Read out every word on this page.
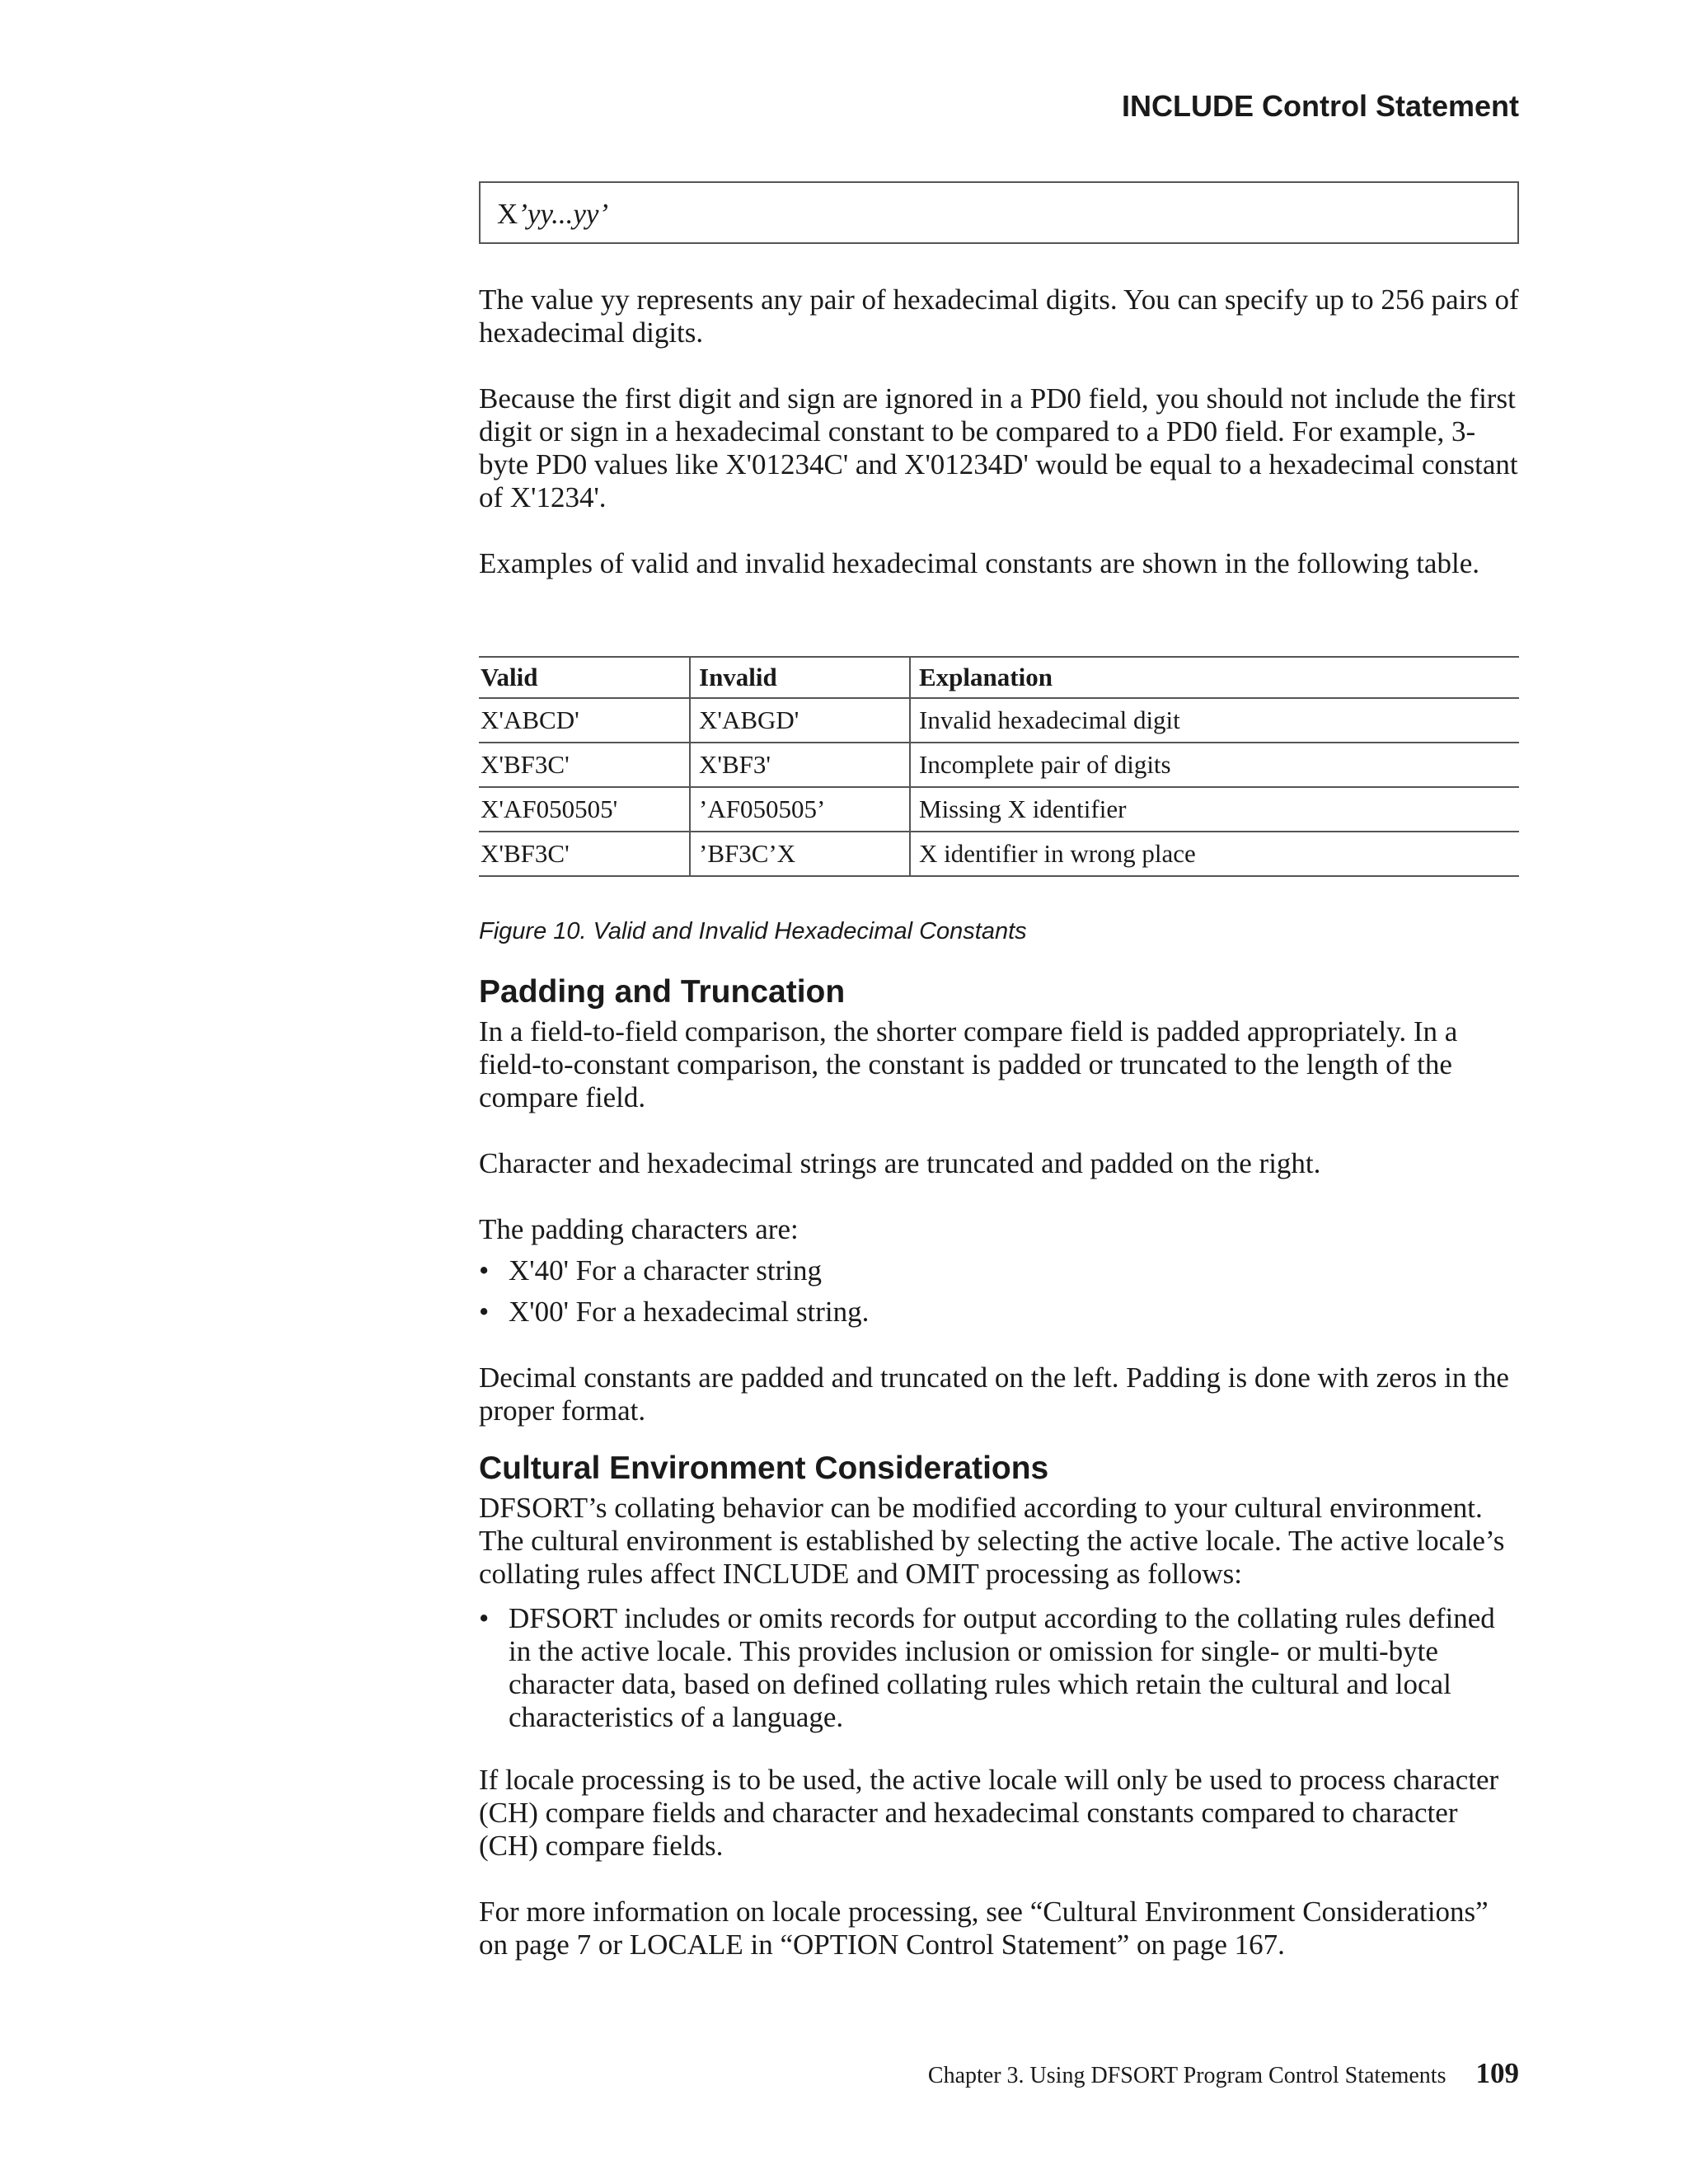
INCLUDE Control Statement
X’yy...yy’

The value yy represents any pair of hexadecimal digits. You can specify up to 256 pairs of hexadecimal digits.

Because the first digit and sign are ignored in a PD0 field, you should not include the first digit or sign in a hexadecimal constant to be compared to a PD0 field. For example, 3-byte PD0 values like X'01234C' and X'01234D' would be equal to a hexadecimal constant of X'1234'.

Examples of valid and invalid hexadecimal constants are shown in the following table.

Valid	Invalid	Explanation
X'ABCD'	X'ABGD'	Invalid hexadecimal digit
X'BF3C'	X'BF3'	Incomplete pair of digits
X'AF050505'	’AF050505’	Missing X identifier
X'BF3C'	’BF3C’X	X identifier in wrong place
Figure 10. Valid and Invalid Hexadecimal Constants
Padding and Truncation

In a field-to-field comparison, the shorter compare field is padded appropriately. In a field-to-constant comparison, the constant is padded or truncated to the length of the compare field.

Character and hexadecimal strings are truncated and padded on the right.

The padding characters are:

• X'40' For a character string
• X'00' For a hexadecimal string.

Decimal constants are padded and truncated on the left. Padding is done with zeros in the proper format.

Cultural Environment Considerations

DFSORT’s collating behavior can be modified according to your cultural environment. The cultural environment is established by selecting the active locale. The active locale’s collating rules affect INCLUDE and OMIT processing as follows:

• DFSORT includes or omits records for output according to the collating rules defined in the active locale. This provides inclusion or omission for single- or multi-byte character data, based on defined collating rules which retain the cultural and local characteristics of a language.

If locale processing is to be used, the active locale will only be used to process character (CH) compare fields and character and hexadecimal constants compared to character (CH) compare fields.

For more information on locale processing, see “Cultural Environment Considerations” on page 7 or LOCALE in “OPTION Control Statement” on page 167.

Chapter 3. Using DFSORT Program Control Statements 109
